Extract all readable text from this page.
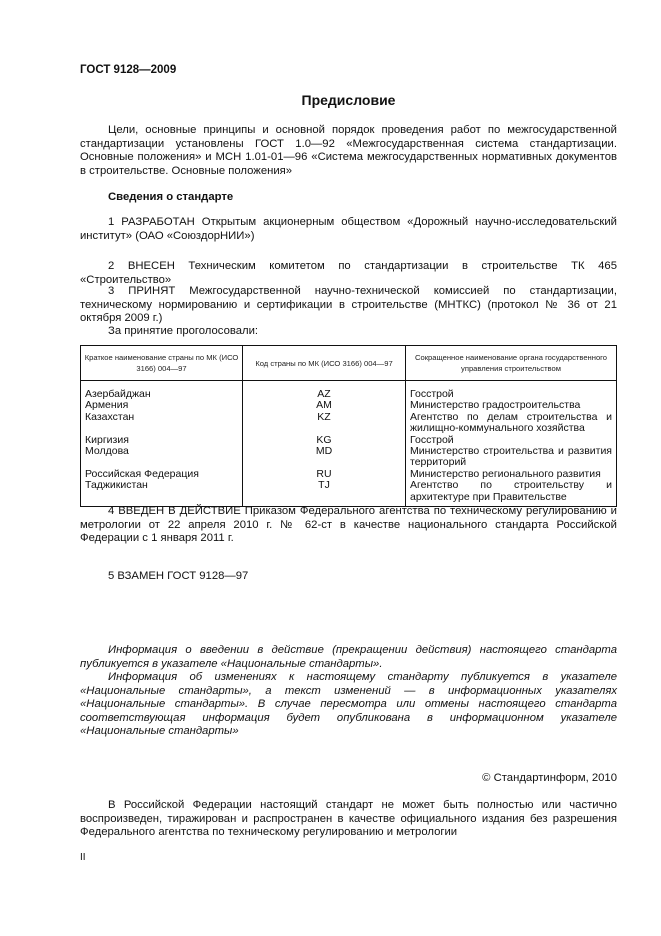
ГОСТ 9128—2009
Предисловие
Цели, основные принципы и основной порядок проведения работ по межгосударственной стандартизации установлены ГОСТ 1.0—92 «Межгосударственная система стандартизации. Основные положения» и МСН 1.01-01—96 «Система межгосударственных нормативных документов в строительстве. Основные положения»
Сведения о стандарте
1 РАЗРАБОТАН Открытым акционерным обществом «Дорожный научно-исследовательский институт» (ОАО «СоюздорНИИ»)
2 ВНЕСЕН Техническим комитетом по стандартизации в строительстве ТК 465 «Строительство»
3 ПРИНЯТ Межгосударственной научно-технической комиссией по стандартизации, техническому нормированию и сертификации в строительстве (МНТКС) (протокол № 36 от 21 октября 2009 г.)
За принятие проголосовали:
Краткое наименование страны по МК (ИСО 3166) 004—97	Код страны по МК (ИСО 3166) 004—97	Сокращенное наименование органа государственного управления строительством
Азербайджан	AZ	Госстрой
Армения	AM	Министерство градостроительства
Казахстан	KZ	Агентство по делам строительства и жилищно-коммунального хозяйства
Киргизия	KG	Госстрой
Молдова	MD	Министерство строительства и развития территорий
Российская Федерация	RU	Министерство регионального развития
Таджикистан	TJ	Агентство по строительству и архитектуре при Правительстве
4 ВВЕДЕН В ДЕЙСТВИЕ Приказом Федерального агентства по техническому регулированию и метрологии от 22 апреля 2010 г. № 62-ст в качестве национального стандарта Российской Федерации с 1 января 2011 г.
5 ВЗАМЕН ГОСТ 9128—97
Информация о введении в действие (прекращении действия) настоящего стандарта публикуется в указателе «Национальные стандарты».
Информация об изменениях к настоящему стандарту публикуется в указателе «Национальные стандарты», а текст изменений — в информационных указателях «Национальные стандарты». В случае пересмотра или отмены настоящего стандарта соответствующая информация будет опубликована в информационном указателе «Национальные стандарты»
© Стандартинформ, 2010
В Российской Федерации настоящий стандарт не может быть полностью или частично воспроизведен, тиражирован и распространен в качестве официального издания без разрешения Федерального агентства по техническому регулированию и метрологии
II
